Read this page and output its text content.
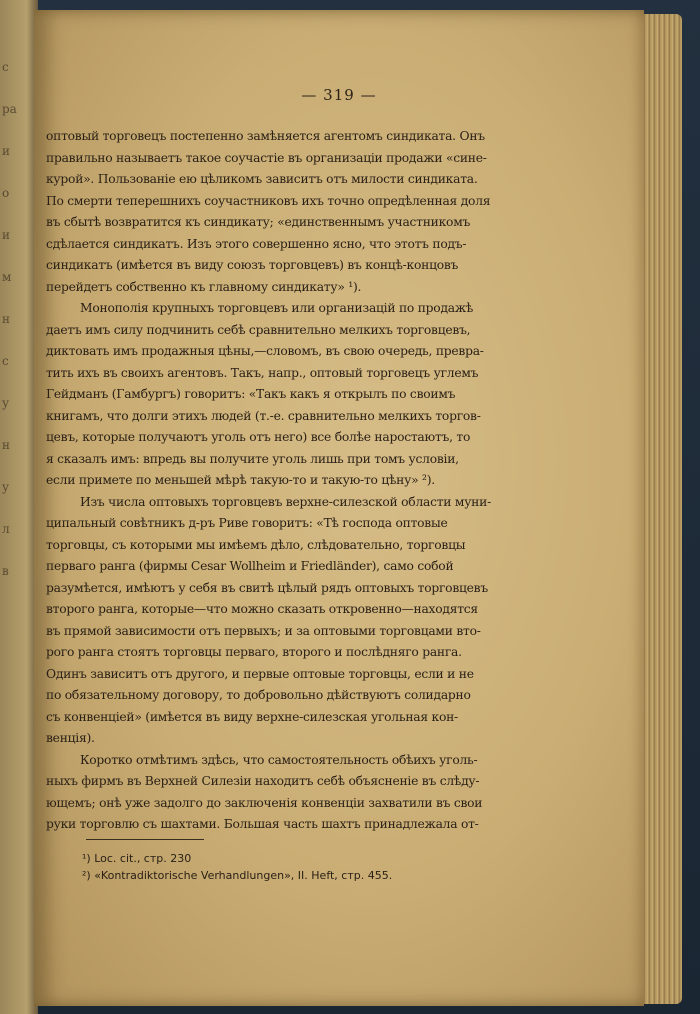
с
ра
и
о
и
м
н
с
у
н
у
л
в
— 319 —
оптовый торговецъ постепенно замѣняется агентомъ синдиката. Онъ
правильно называетъ такое соучастіе въ организаціи продажи «сине-
курой». Пользованіе ею цѣликомъ зависитъ отъ милости синдиката.
По смерти теперешнихъ соучастниковъ ихъ точно опредѣленная доля
въ сбытѣ возвратится къ синдикату; «единственнымъ участникомъ
сдѣлается синдикатъ. Изъ этого совершенно ясно, что этотъ подъ-
синдикатъ (имѣется въ виду союзъ торговцевъ) въ концѣ-концовъ
перейдетъ собственно къ главному синдикату» ¹).
Монополія крупныхъ торговцевъ или организацій по продажѣ
даетъ имъ силу подчинить себѣ сравнительно мелкихъ торговцевъ,
диктовать имъ продажныя цѣны,—словомъ, въ свою очередь, превра-
тить ихъ въ своихъ агентовъ. Такъ, напр., оптовый торговецъ углемъ
Гейдманъ (Гамбургъ) говоритъ: «Такъ какъ я открылъ по своимъ
книгамъ, что долги этихъ людей (т.-е. сравнительно мелкихъ торгов-
цевъ, которые получаютъ уголь отъ него) все болѣе наростаютъ, то
я сказалъ имъ: впредь вы получите уголь лишь при томъ условіи,
если примете по меньшей мѣрѣ такую-то и такую-то цѣну» ²).
Изъ числа оптовыхъ торговцевъ верхне-силезской области муни-
ципальный совѣтникъ д-ръ Риве говоритъ: «Тѣ господа оптовые
торговцы, съ которыми мы имѣемъ дѣло, слѣдовательно, торговцы
перваго ранга (фирмы Cesar Wollheim и Friedländer), само собой
разумѣется, имѣютъ у себя въ свитѣ цѣлый рядъ оптовыхъ торговцевъ
второго ранга, которые—что можно сказать откровенно—находятся
въ прямой зависимости отъ первыхъ; и за оптовыми торговцами вто-
рого ранга стоятъ торговцы перваго, второго и послѣдняго ранга.
Одинъ зависитъ отъ другого, и первые оптовые торговцы, если и не
по обязательному договору, то добровольно дѣйствуютъ солидарно
съ конвенціей» (имѣется въ виду верхне-силезская угольная кон-
венція).
Коротко отмѣтимъ здѣсь, что самостоятельность обѣихъ уголь-
ныхъ фирмъ въ Верхней Силезіи находитъ себѣ объясненіе въ слѣду-
ющемъ; онѣ уже задолго до заключенія конвенціи захватили въ свои
руки торговлю съ шахтами. Большая часть шахтъ принадлежала от-
¹) Loc. cit., стр. 230
²) «Kontradiktorische Verhandlungen», II. Heft, стр. 455.
